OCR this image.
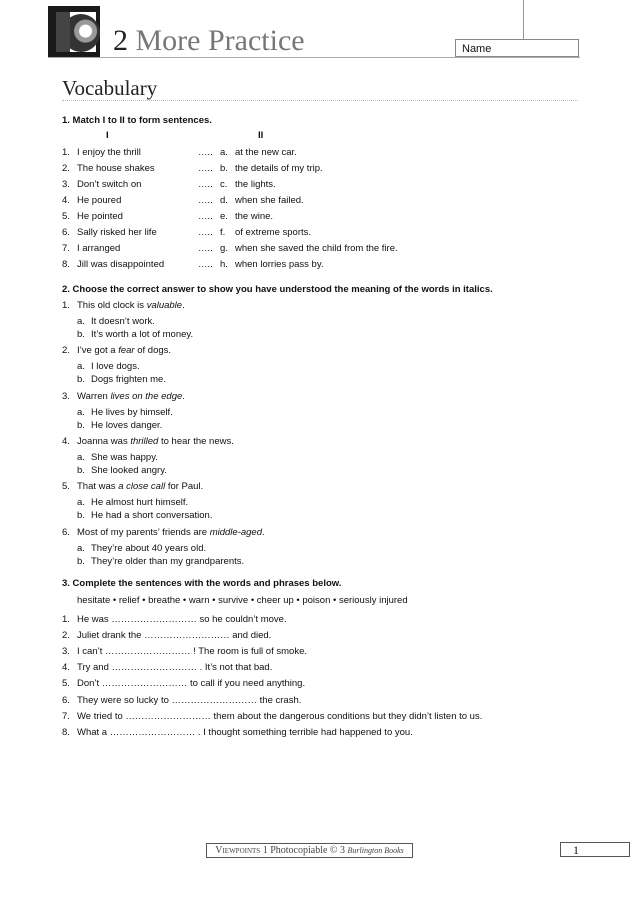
2 More Practice	Name
Vocabulary
1. Match I to II to form sentences.
I	II
1. I enjoy the thrill	….. a. at the new car.
2. The house shakes	….. b. the details of my trip.
3. Don’t switch on	….. c. the lights.
4. He poured	….. d. when she failed.
5. He pointed	….. e. the wine.
6. Sally risked her life	….. f. of extreme sports.
7. I arranged	….. g. when she saved the child from the fire.
8. Jill was disappointed	….. h. when lorries pass by.
2. Choose the correct answer to show you have understood the meaning of the words in italics.
1. This old clock is valuable.
a. It doesn’t work.
b. It’s worth a lot of money.
2. I’ve got a fear of dogs.
a. I love dogs.
b. Dogs frighten me.
3. Warren lives on the edge.
a. He lives by himself.
b. He loves danger.
4. Joanna was thrilled to hear the news.
a. She was happy.
b. She looked angry.
5. That was a close call for Paul.
a. He almost hurt himself.
b. He had a short conversation.
6. Most of my parents’ friends are middle-aged.
a. They’re about 40 years old.
b. They’re older than my grandparents.
3. Complete the sentences with the words and phrases below.
hesitate • relief • breathe • warn • survive • cheer up • poison • seriously injured
1. He was ……………………… so he couldn’t move.
2. Juliet drank the ……………………… and died.
3. I can’t ……………………… ! The room is full of smoke.
4. Try and ……………………… . It’s not that bad.
5. Don’t ……………………… to call if you need anything.
6. They were so lucky to ……………………… the crash.
7. We tried to ……………………… them about the dangerous conditions but they didn’t listen to us.
8. What a ……………………… . I thought something terrible had happened to you.
Viewpoints 1 Photocopiable © 3 Burlington Books	1
